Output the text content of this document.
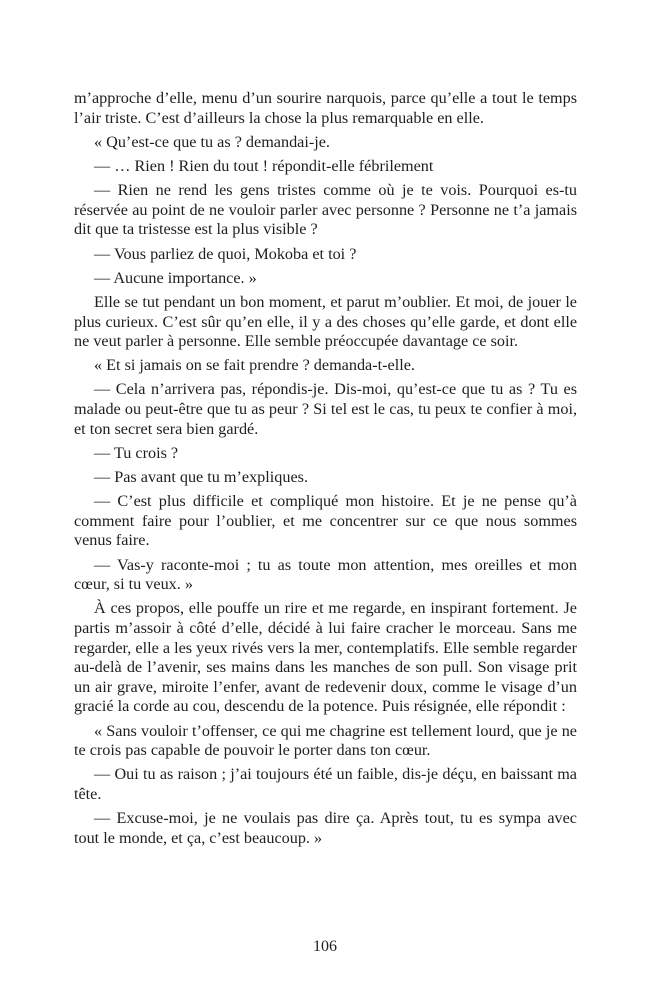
m’approche d’elle, menu d’un sourire narquois, parce qu’elle a tout le temps l’air triste. C’est d’ailleurs la chose la plus remarquable en elle.

« Qu’est-ce que tu as ? demandai-je.

— … Rien ! Rien du tout ! répondit-elle fébrilement

— Rien ne rend les gens tristes comme où je te vois. Pourquoi es-tu réservée au point de ne vouloir parler avec personne ? Personne ne t’a jamais dit que ta tristesse est la plus visible ?

— Vous parliez de quoi, Mokoba et toi ?

— Aucune importance. »

Elle se tut pendant un bon moment, et parut m’oublier. Et moi, de jouer le plus curieux. C’est sûr qu’en elle, il y a des choses qu’elle garde, et dont elle ne veut parler à personne. Elle semble préoccupée davantage ce soir.

« Et si jamais on se fait prendre ? demanda-t-elle.

— Cela n’arrivera pas, répondis-je. Dis-moi, qu’est-ce que tu as ? Tu es malade ou peut-être que tu as peur ? Si tel est le cas, tu peux te confier à moi, et ton secret sera bien gardé.

— Tu crois ?

— Pas avant que tu m’expliques.

— C’est plus difficile et compliqué mon histoire. Et je ne pense qu’à comment faire pour l’oublier, et me concentrer sur ce que nous sommes venus faire.

— Vas-y raconte-moi ; tu as toute mon attention, mes oreilles et mon cœur, si tu veux. »

À ces propos, elle pouffe un rire et me regarde, en inspirant fortement. Je partis m’assoir à côté d’elle, décidé à lui faire cracher le morceau. Sans me regarder, elle a les yeux rivés vers la mer, contemplatifs. Elle semble regarder au-delà de l’avenir, ses mains dans les manches de son pull. Son visage prit un air grave, miroite l’enfer, avant de redevenir doux, comme le visage d’un gracié la corde au cou, descendu de la potence. Puis résignée, elle répondit :

« Sans vouloir t’offenser, ce qui me chagrine est tellement lourd, que je ne te crois pas capable de pouvoir le porter dans ton cœur.

— Oui tu as raison ; j’ai toujours été un faible, dis-je déçu, en baissant ma tête.

— Excuse-moi, je ne voulais pas dire ça. Après tout, tu es sympa avec tout le monde, et ça, c’est beaucoup. »

106
